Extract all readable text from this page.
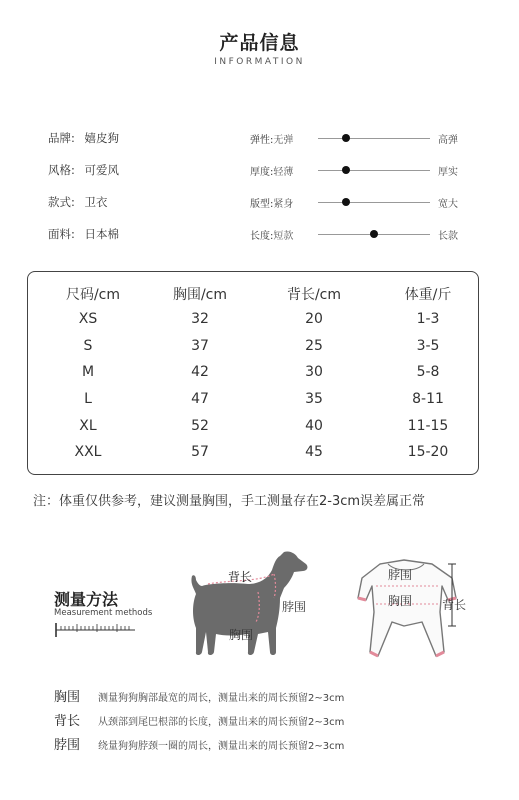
产品信息
INFORMATION
品牌: 嬉皮狗
风格: 可爱风
款式: 卫衣
面料: 日本棉
弹性:无弹	高弹
厚度:轻薄	厚实
版型:紧身	宽大
长度:短款	长款
尺码/cm	胸围/cm	背长/cm	体重/斤
XS	32	20	1-3
S	37	25	3-5
M	42	30	5-8
L	47	35	8-11
XL	52	40	11-15
XXL	57	45	15-20
注：体重仅供参考，建议测量胸围，手工测量存在2-3cm误差属正常
测量方法
Measurement methods
背长
脖围
胸围
脖围
胸围 背长
胸围 测量狗狗胸部最宽的周长，测量出来的周长预留2~3cm
背长 从颈部到尾巴根部的长度，测量出来的周长预留2~3cm
脖围 绕量狗狗脖颈一圈的周长，测量出来的周长预留2~3cm
